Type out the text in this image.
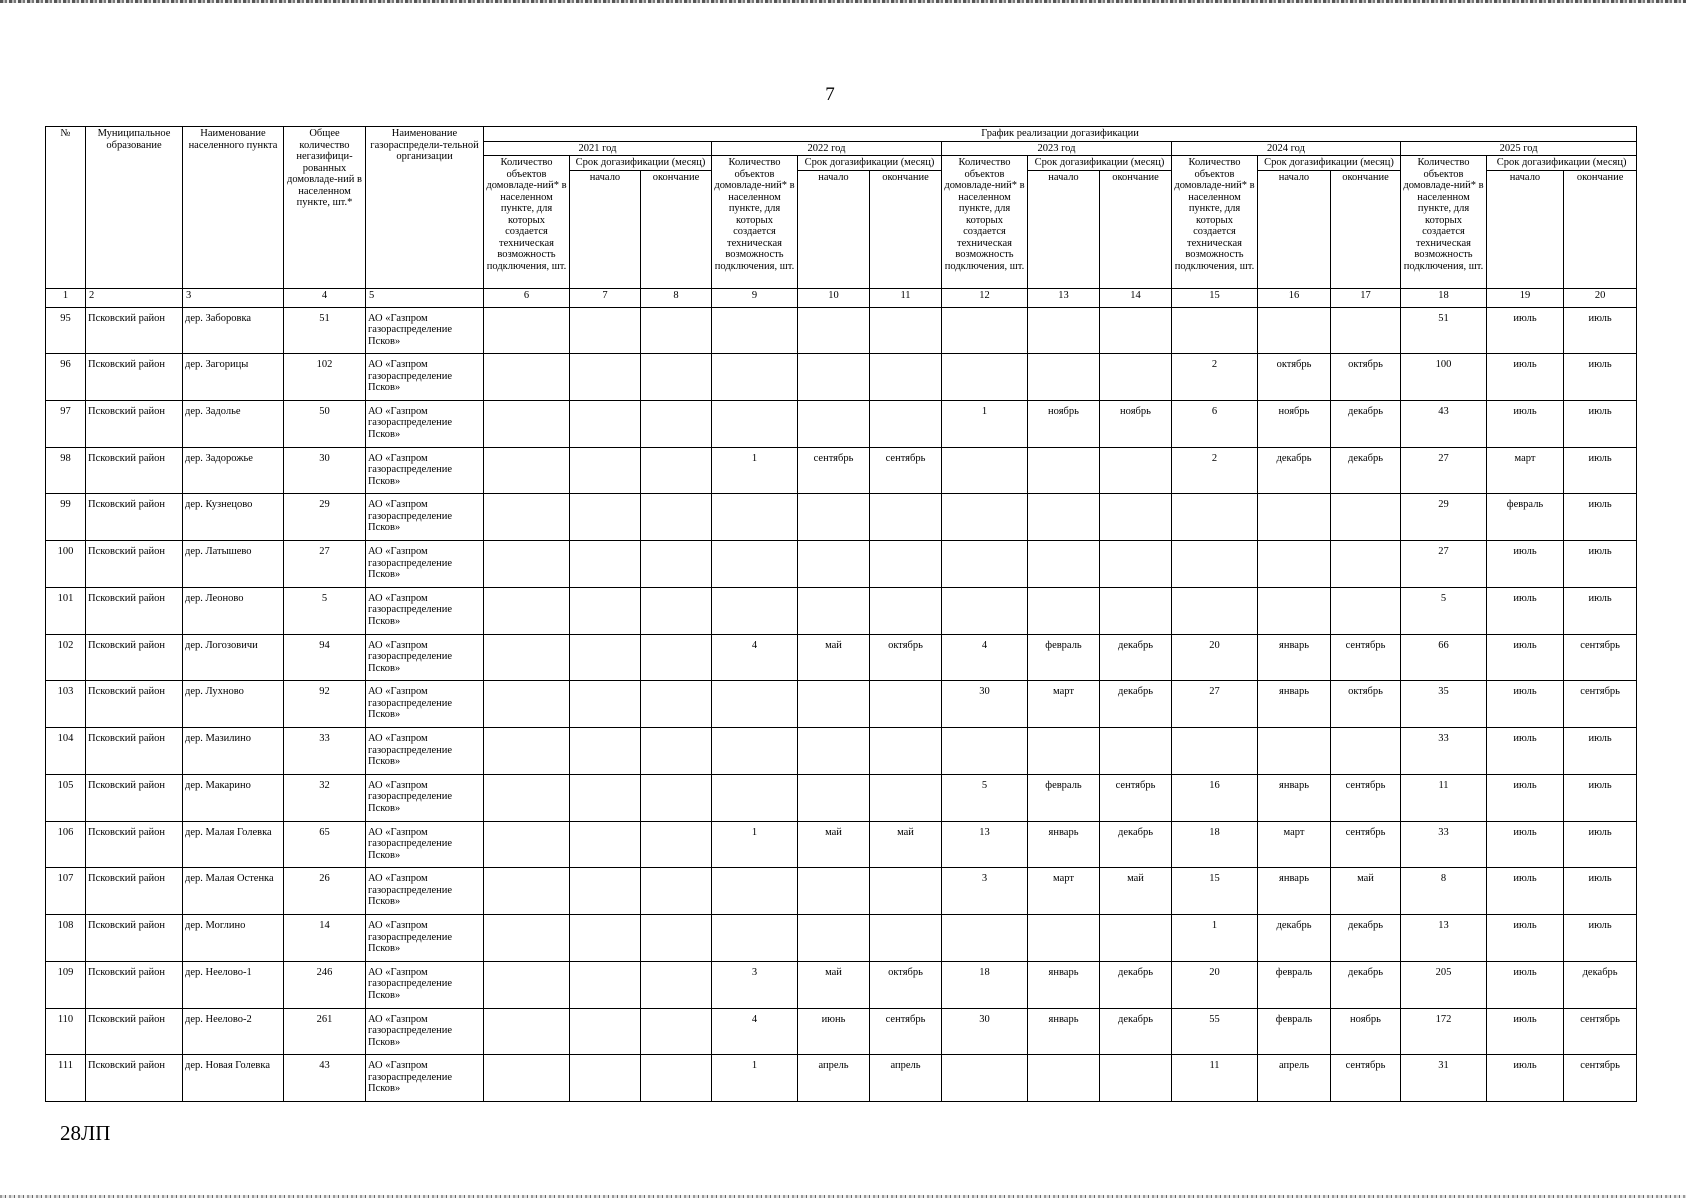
7
№	Муниципальное образование	Наименование населенного пункта	Общее количество негазифици-рованных домовладе-ний в населенном пункте, шт.*	Наименование газораспредели-тельной организации	График реализации догазификации														
					2021 год			2022 год			2023 год			2024 год			2025 год		
					Количество объектов домовладе-ний* в населенном пункте, для которых создается техническая возможность подключения, шт.	Срок догазификации (месяц)		Количество объектов домовладе-ний* в населенном пункте, для которых создается техническая возможность подключения, шт.	Срок догазификации (месяц)		Количество объектов домовладе-ний* в населенном пункте, для которых создается техническая возможность подключения, шт.	Срок догазификации (месяц)		Количество объектов домовладе-ний* в населенном пункте, для которых создается техническая возможность подключения, шт.	Срок догазификации (месяц)		Количество объектов домовладе-ний* в населенном пункте, для которых создается техническая возможность подключения, шт.	Срок догазификации (месяц)	
						начало	окончание		начало	окончание		начало	окончание		начало	окончание		начало	окончание
1	2	3	4	5	6	7	8	9	10	11	12	13	14	15	16	17	18	19	20
95	Псковский район	дер. Заборовка	51	АО «Газпром газораспределение Псков»													51	июль	июль
96	Псковский район	дер. Загорицы	102	АО «Газпром газораспределение Псков»										2	октябрь	октябрь	100	июль	июль
97	Псковский район	дер. Задолье	50	АО «Газпром газораспределение Псков»							1	ноябрь	ноябрь	6	ноябрь	декабрь	43	июль	июль
98	Псковский район	дер. Задорожье	30	АО «Газпром газораспределение Псков»				1	сентябрь	сентябрь				2	декабрь	декабрь	27	март	июль
99	Псковский район	дер. Кузнецово	29	АО «Газпром газораспределение Псков»													29	февраль	июль
100	Псковский район	дер. Латышево	27	АО «Газпром газораспределение Псков»													27	июль	июль
101	Псковский район	дер. Леоново	5	АО «Газпром газораспределение Псков»													5	июль	июль
102	Псковский район	дер. Логозовичи	94	АО «Газпром газораспределение Псков»				4	май	октябрь	4	февраль	декабрь	20	январь	сентябрь	66	июль	сентябрь
103	Псковский район	дер. Лухново	92	АО «Газпром газораспределение Псков»							30	март	декабрь	27	январь	октябрь	35	июль	сентябрь
104	Псковский район	дер. Мазилино	33	АО «Газпром газораспределение Псков»													33	июль	июль
105	Псковский район	дер. Макарино	32	АО «Газпром газораспределение Псков»							5	февраль	сентябрь	16	январь	сентябрь	11	июль	июль
106	Псковский район	дер. Малая Голевка	65	АО «Газпром газораспределение Псков»				1	май	май	13	январь	декабрь	18	март	сентябрь	33	июль	июль
107	Псковский район	дер. Малая Остенка	26	АО «Газпром газораспределение Псков»							3	март	май	15	январь	май	8	июль	июль
108	Псковский район	дер. Моглино	14	АО «Газпром газораспределение Псков»										1	декабрь	декабрь	13	июль	июль
109	Псковский район	дер. Неелово-1	246	АО «Газпром газораспределение Псков»				3	май	октябрь	18	январь	декабрь	20	февраль	декабрь	205	июль	декабрь
110	Псковский район	дер. Неелово-2	261	АО «Газпром газораспределение Псков»				4	июнь	сентябрь	30	январь	декабрь	55	февраль	ноябрь	172	июль	сентябрь
111	Псковский район	дер. Новая Голевка	43	АО «Газпром газораспределение Псков»				1	апрель	апрель				11	апрель	сентябрь	31	июль	сентябрь
28ЛП
